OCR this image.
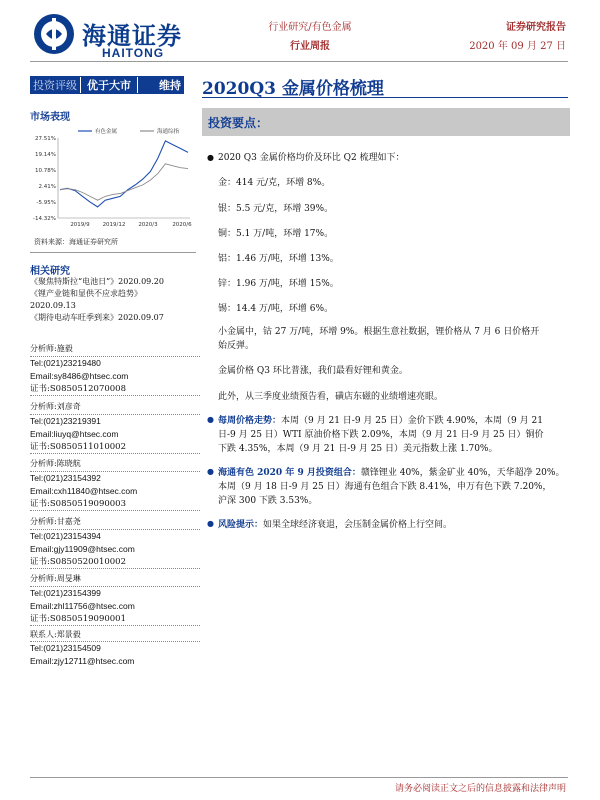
海通证券
HAITONG
行业研究/有色金属
行业周报
证券研究报告
2020 年 09 月 27 日
投资评级 优于大市	维持 2020Q3 金属价格梳理
市场表现
27.51%
19.14%
10.78%
2.41%
-5.95%
-14.32%
2019/9 2019/12 2020/3	2020/6
有色金属	海通综指
资料来源：海通证券研究所
相关研究
《聚焦特斯拉“电池日”》2020.09.20
《锂产业链和显供不应求趋势》
2020.09.13
《期待电动车旺季到来》2020.09.07
分析师:施毅
Tel:(021)23219480
Email:sy8486@htsec.com
证书:S0850512070008
分析师:刘彦奇
Tel:(021)23219391
Email:liuyq@htsec.com
证书:S0850511010002
分析师:陈晓航
Tel:(021)23154392
Email:cxh11840@htsec.com
证书:S0850519090003
分析师:甘嘉尧
Tel:(021)23154394
Email:gjy11909@htsec.com
证书:S0850520010002
分析师:周旻琳
Tel:(021)23154399
Email:zhl11756@htsec.com
证书:S0850519090001
联系人:郑景毅
Tel:(021)23154509
Email:zjy12711@htsec.com
投资要点：
● 2020 Q3 金属价格均价及环比 Q2 梳理如下：
金：414 元/克，环增 8%。
银：5.5 元/克，环增 39%。
铜：5.1 万/吨，环增 17%。
铝：1.46 万/吨，环增 13%。
锌：1.96 万/吨，环增 15%。
锡：14.4 万/吨，环增 6%。
小金属中，钴 27 万/吨，环增 9%。根据生意社数据，锂价格从 7 月 6 日价格开
始反弹。
金属价格 Q3 环比普涨，我们最看好锂和黄金。
此外，从三季度业绩预告看，磺店东磁的业绩增速亮眼。
● 每周价格走势：本周（9 月 21 日-9 月 25 日）金价下跌 4.90%，本周（9 月 21
日-9 月 25 日）WTI 原油价格下跌 2.09%，本周（9 月 21 日-9 月 25 日）铜价
下跌 4.35%，本周（9 月 21 日-9 月 25 日）美元指数上涨 1.70%。
● 海通有色 2020 年 9 月投资组合：赣锋锂业 40%，紫金矿业 40%，天华超净 20%。
本周（9 月 18 日-9 月 25 日）海通有色组合下跌 8.41%，申万有色下跌 7.20%，
沪深 300 下跌 3.53%。
● 风险提示：如果全球经济衰退，会压制金属价格上行空间。
请务必阅读正文之后的信息披露和法律声明
